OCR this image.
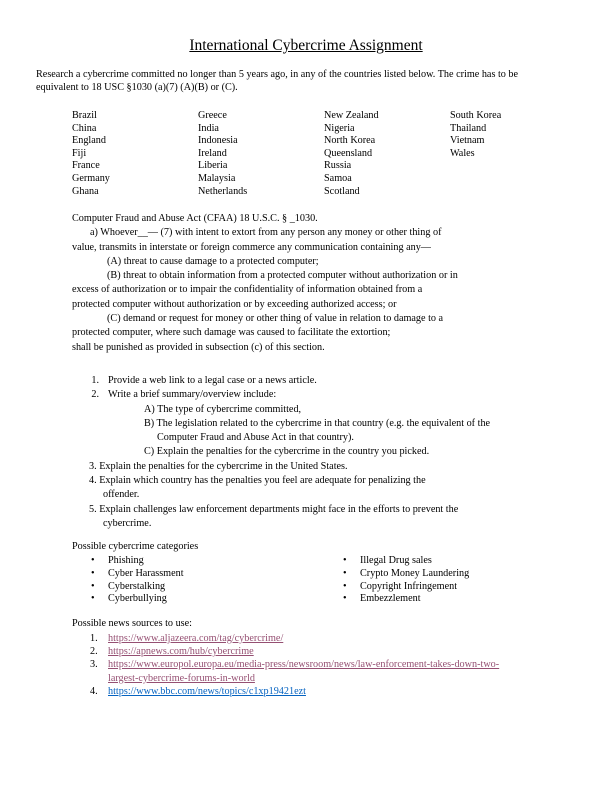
International Cybercrime Assignment
Research a cybercrime committed no longer than 5 years ago, in any of the countries listed below. The crime has to be
equivalent to 18 USC §1030 (a)(7) (A)(B) or (C).
Brazil
China
England
Fiji
France
Germany
Ghana
Greece
India
Indonesia
Ireland
Liberia
Malaysia
Netherlands
New Zealand
Nigeria
North Korea
Queensland
Russia
Samoa
Scotland
South Korea
Thailand
Vietnam
Wales
Computer Fraud and Abuse Act (CFAA) 18 U.S.C. § _1030.
a) Whoever__— (7) with intent to extort from any person any money or other thing of
value, transmits in interstate or foreign commerce any communication containing any—
(A) threat to cause damage to a protected computer;
(B) threat to obtain information from a protected computer without authorization or in
excess of authorization or to impair the confidentiality of information obtained from a
protected computer without authorization or by exceeding authorized access; or
(C) demand or request for money or other thing of value in relation to damage to a
protected computer, where such damage was caused to facilitate the extortion;
shall be punished as provided in subsection (c) of this section.
1. Provide a web link to a legal case or a news article.
2. Write a brief summary/overview include:
A) The type of cybercrime committed,
B) The legislation related to the cybercrime in that country (e.g. the equivalent of the
Computer Fraud and Abuse Act in that country).
C) Explain the penalties for the cybercrime in the country you picked.
3. Explain the penalties for the cybercrime in the United States.
4. Explain which country has the penalties you feel are adequate for penalizing the
offender.
5. Explain challenges law enforcement departments might face in the efforts to prevent the
cybercrime.
Possible cybercrime categories
• Phishing
• Cyber Harassment
• Cyberstalking
• Cyberbullying
• Illegal Drug sales
• Crypto Money Laundering
• Copyright Infringement
• Embezzlement
Possible news sources to use:
1. https://www.aljazeera.com/tag/cybercrime/
2. https://apnews.com/hub/cybercrime
3. https://www.europol.europa.eu/media-press/newsroom/news/law-enforcement-takes-down-two-
largest-cybercrime-forums-in-world
4. https://www.bbc.com/news/topics/c1xp19421ezt
